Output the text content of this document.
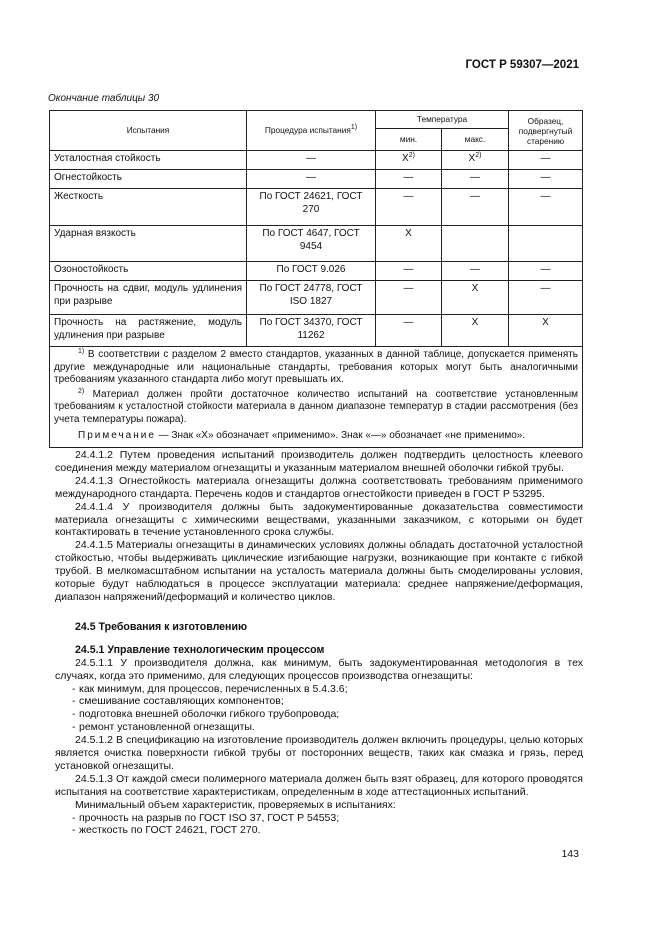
ГОСТ Р 59307—2021
Окончание таблицы 30
Испытания	Процедура испытания$^{1)}$	Температура		Образец, подвергнутый старению
		мин.	макс.	
Усталостная стойкость	—	$X^{2)}$	$X^{2)}$	—
Огнестойкость	—	—	—	—
Жесткость	По ГОСТ 24621, ГОСТ 270	—	—	—
Ударная вязкость	По ГОСТ 4647, ГОСТ 9454	X		
Озоностойкость	По ГОСТ 9.026	—	—	—
Прочность на сдвиг, модуль удлинения при разрыве	По ГОСТ 24778, ГОСТ ISO 1827	—	X	—
Прочность на растяжение, модуль удлинения при разрыве	По ГОСТ 34370, ГОСТ 11262	—	X	X

$^{1)}$ В соответствии с разделом 2 вместо стандартов, указанных в данной таблице, допускается применять другие международные или национальные стандарты, требования которых могут быть аналогичными требованиям указанного стандарта либо могут превышать их.

$^{2)}$ Материал должен пройти достаточное количество испытаний на соответствие установленным требованиям к усталостной стойкости материала в данном диапазоне температур в стадии рассмотрения (без учета температуры пожара).

Примечание — Знак «X» обозначает «применимо». Знак «—» обозначает «не применимо».				

24.4.1.2 Путем проведения испытаний производитель должен подтвердить целостность клеевого соединения между материалом огнезащиты и указанным материалом внешней оболочки гибкой трубы.

24.4.1.3 Огнестойкость материала огнезащиты должна соответствовать требованиям применимого международного стандарта. Перечень кодов и стандартов огнестойкости приведен в ГОСТ Р 53295.

24.4.1.4 У производителя должны быть задокументированные доказательства совместимости материала огнезащиты с химическими веществами, указанными заказчиком, с которыми он будет контактировать в течение установленного срока службы.

24.4.1.5 Материалы огнезащиты в динамических условиях должны обладать достаточной усталостной стойкостью, чтобы выдерживать циклические изгибающие нагрузки, возникающие при контакте с гибкой трубой. В мелкомасштабном испытании на усталость материала должны быть смоделированы условия, которые будут наблюдаться в процессе эксплуатации материала: среднее напряжение/деформация, диапазон напряжений/деформаций и количество циклов.

24.5 Требования к изготовлению
24.5.1 Управление технологическим процессом

24.5.1.1 У производителя должна, как минимум, быть задокументированная методология в тех случаях, когда это применимо, для следующих процессов производства огнезащиты:

- как минимум, для процессов, перечисленных в 5.4.3.6;

- смешивание составляющих компонентов;

- подготовка внешней оболочки гибкого трубопровода;

- ремонт установленной огнезащиты.

24.5.1.2 В спецификацию на изготовление производитель должен включить процедуры, целью которых является очистка поверхности гибкой трубы от посторонних веществ, таких как смазка и грязь, перед установкой огнезащиты.

24.5.1.3 От каждой смеси полимерного материала должен быть взят образец, для которого проводятся испытания на соответствие характеристикам, определенным в ходе аттестационных испытаний.

Минимальный объем характеристик, проверяемых в испытаниях:

- прочность на разрыв по ГОСТ ISO 37, ГОСТ Р 54553;

- жесткость по ГОСТ 24621, ГОСТ 270.

143
